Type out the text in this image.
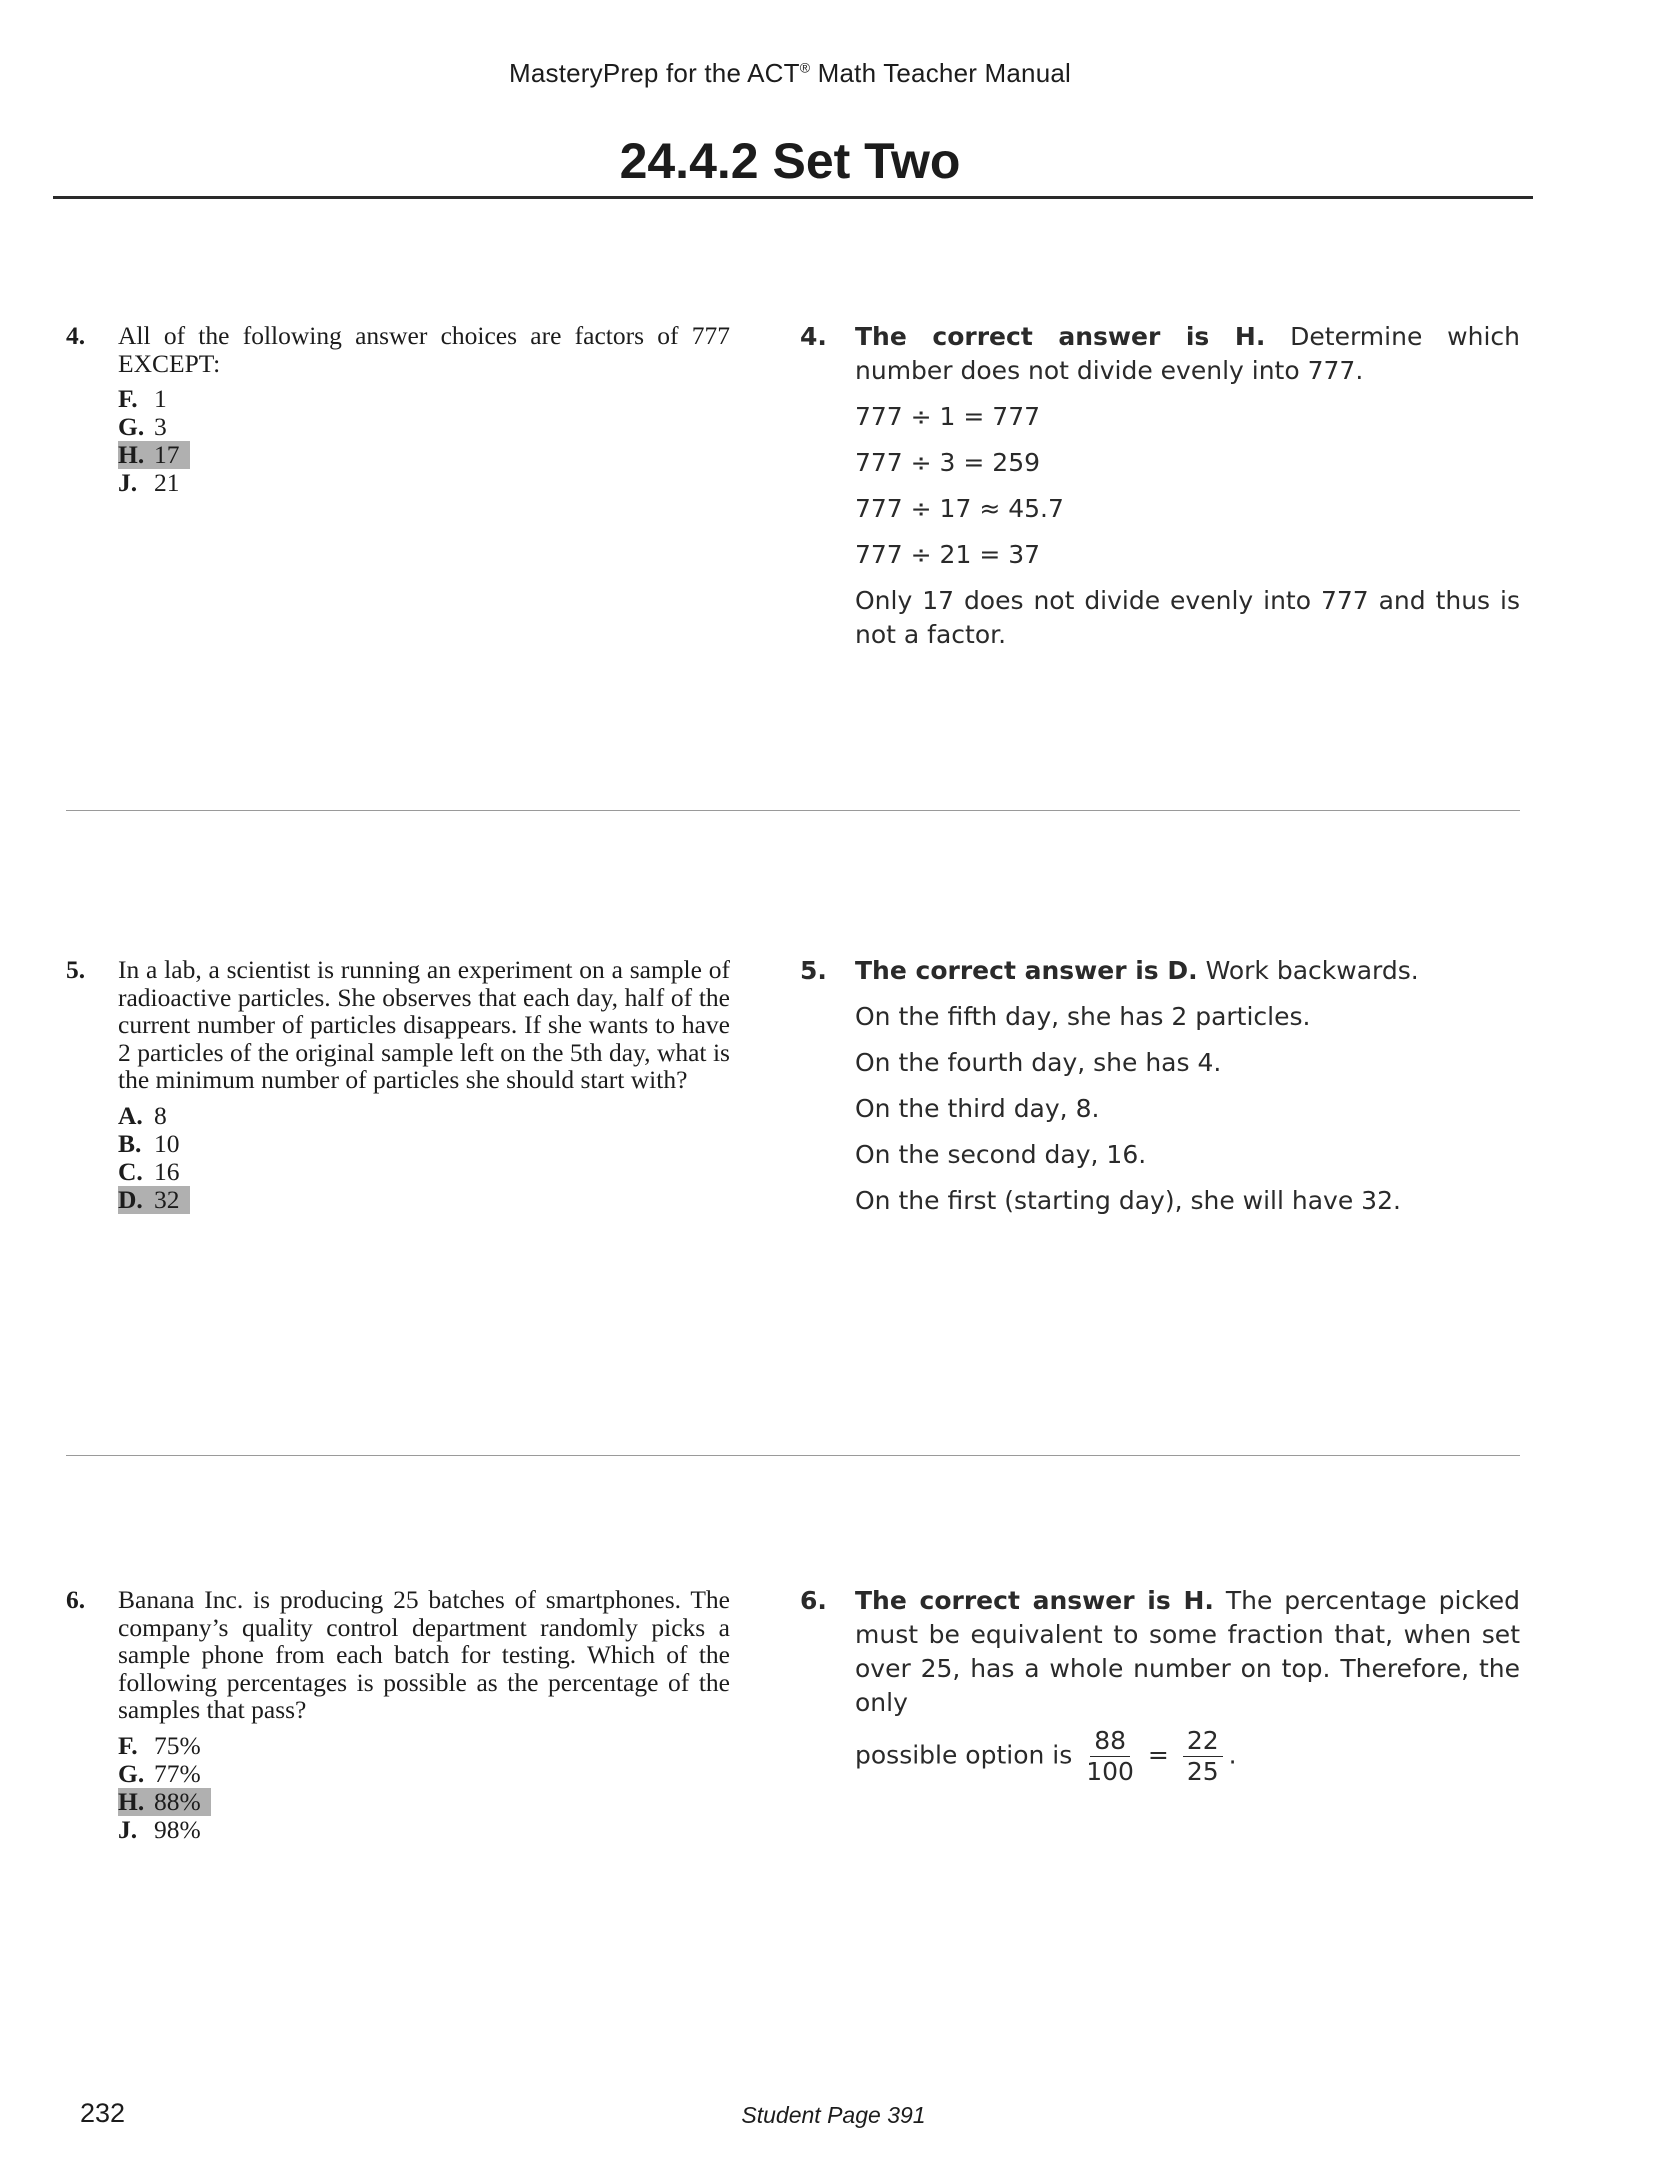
MasteryPrep for the ACT® Math Teacher Manual
24.4.2 Set Two
4.	All of the following answer choices are factors of 777 EXCEPT:
F. 1
G. 3
H. 17
J. 21
4.	The correct answer is H. Determine which number does not divide evenly into 777.
777 ÷ 1 = 777
777 ÷ 3 = 259
777 ÷ 17 ≈ 45.7
777 ÷ 21 = 37
Only 17 does not divide evenly into 777 and thus is not a factor.
5.	In a lab, a scientist is running an experiment on a sample of radioactive particles. She observes that each day, half of the current number of particles disappears. If she wants to have 2 particles of the original sample left on the 5th day, what is the minimum number of particles she should start with?
A. 8
B. 10
C. 16
D. 32
5.	The correct answer is D. Work backwards.
On the fifth day, she has 2 particles.
On the fourth day, she has 4.
On the third day, 8.
On the second day, 16.
On the first (starting day), she will have 32.
6.	Banana Inc. is producing 25 batches of smartphones. The company’s quality control department randomly picks a sample phone from each batch for testing. Which of the following percentages is possible as the percentage of the samples that pass?
F. 75%
G. 77%
H. 88%
J. 98%
6.	The correct answer is H. The percentage picked must be equivalent to some fraction that, when set over 25, has a whole number on top. Therefore, the only
possible option is $\frac{88}{100} = \frac{22}{25}$ .
232	Student Page 391
